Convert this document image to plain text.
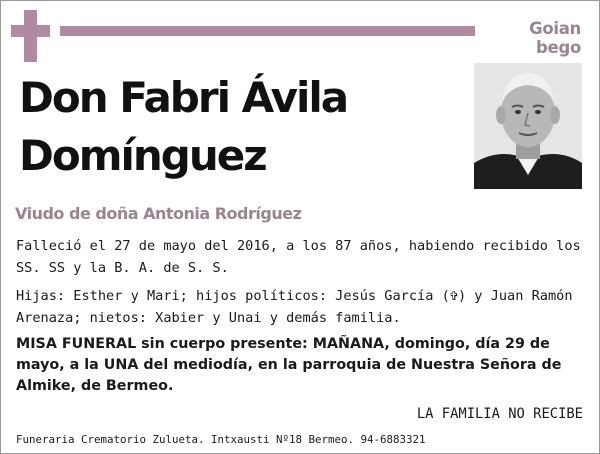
Goian bego
Don Fabri Ávila
Domínguez
Viudo de doña Antonia Rodríguez
Falleció el 27 de mayo del 2016, a los 87 años, habiendo recibido los SS. SS y la B. A. de S. S.
Hijas: Esther y Mari; hijos políticos: Jesús García (✞) y Juan Ramón Arenaza; nietos: Xabier y Unai y demás familia.
MISA FUNERAL sin cuerpo presente: MAÑANA, domingo, día 29 de mayo, a la UNA del mediodía, en la parroquia de Nuestra Señora de Almike, de Bermeo.
LA FAMILIA NO RECIBE
Funeraria Crematorio Zulueta. Intxausti Nº18 Bermeo. 94-6883321
